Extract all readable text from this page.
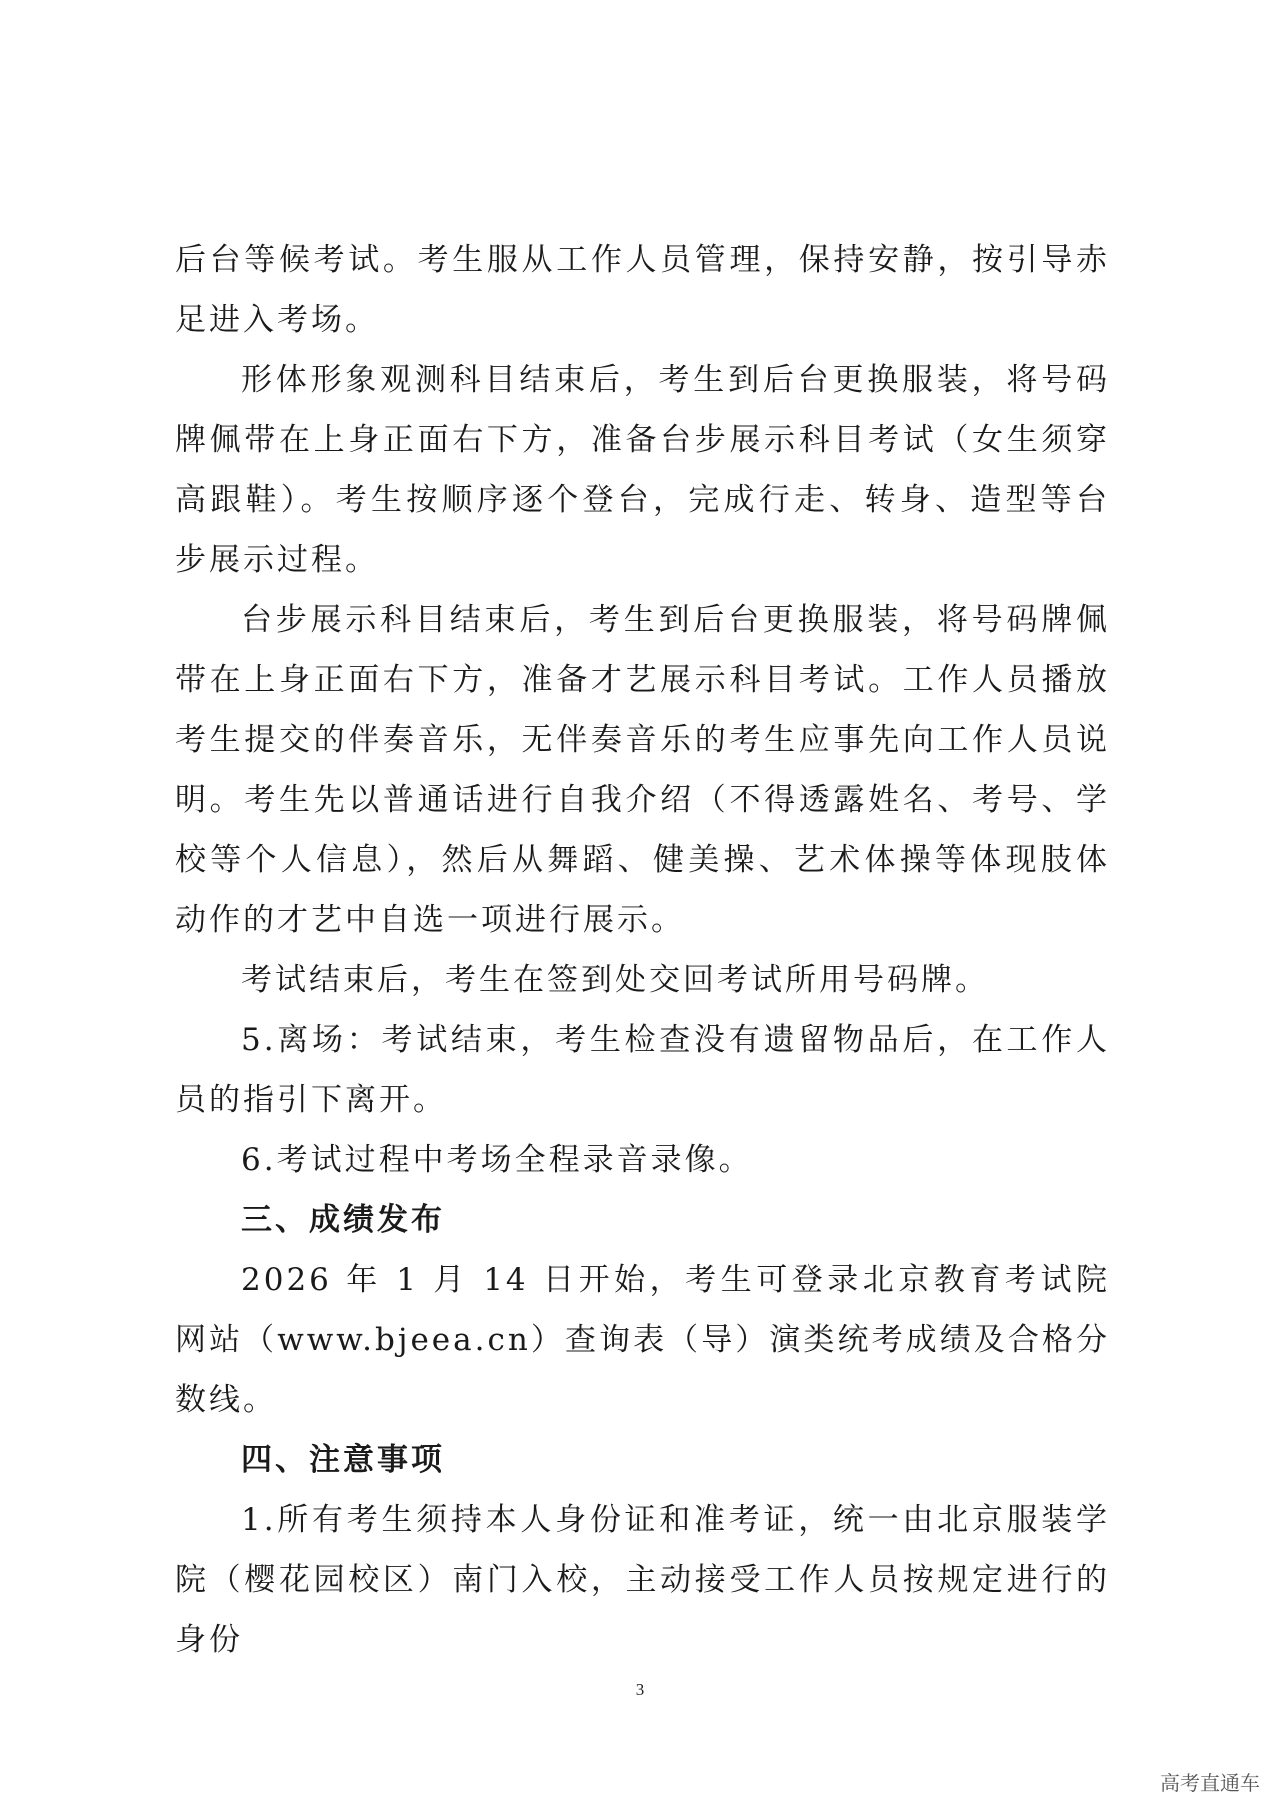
后台等候考试。考生服从工作人员管理，保持安静，按引导赤足进入考场。

形体形象观测科目结束后，考生到后台更换服装，将号码牌佩带在上身正面右下方，准备台步展示科目考试（女生须穿高跟鞋）。考生按顺序逐个登台，完成行走、转身、造型等台步展示过程。

台步展示科目结束后，考生到后台更换服装，将号码牌佩带在上身正面右下方，准备才艺展示科目考试。工作人员播放考生提交的伴奏音乐，无伴奏音乐的考生应事先向工作人员说明。考生先以普通话进行自我介绍（不得透露姓名、考号、学校等个人信息），然后从舞蹈、健美操、艺术体操等体现肢体动作的才艺中自选一项进行展示。

考试结束后，考生在签到处交回考试所用号码牌。

5.离场：考试结束，考生检查没有遗留物品后，在工作人员的指引下离开。

6.考试过程中考场全程录音录像。

三、成绩发布

2026 年 1 月 14 日开始，考生可登录北京教育考试院网站（www.bjeea.cn）查询表（导）演类统考成绩及合格分数线。

四、注意事项

1.所有考生须持本人身份证和准考证，统一由北京服装学院（樱花园校区）南门入校，主动接受工作人员按规定进行的身份

3
高考直通车
